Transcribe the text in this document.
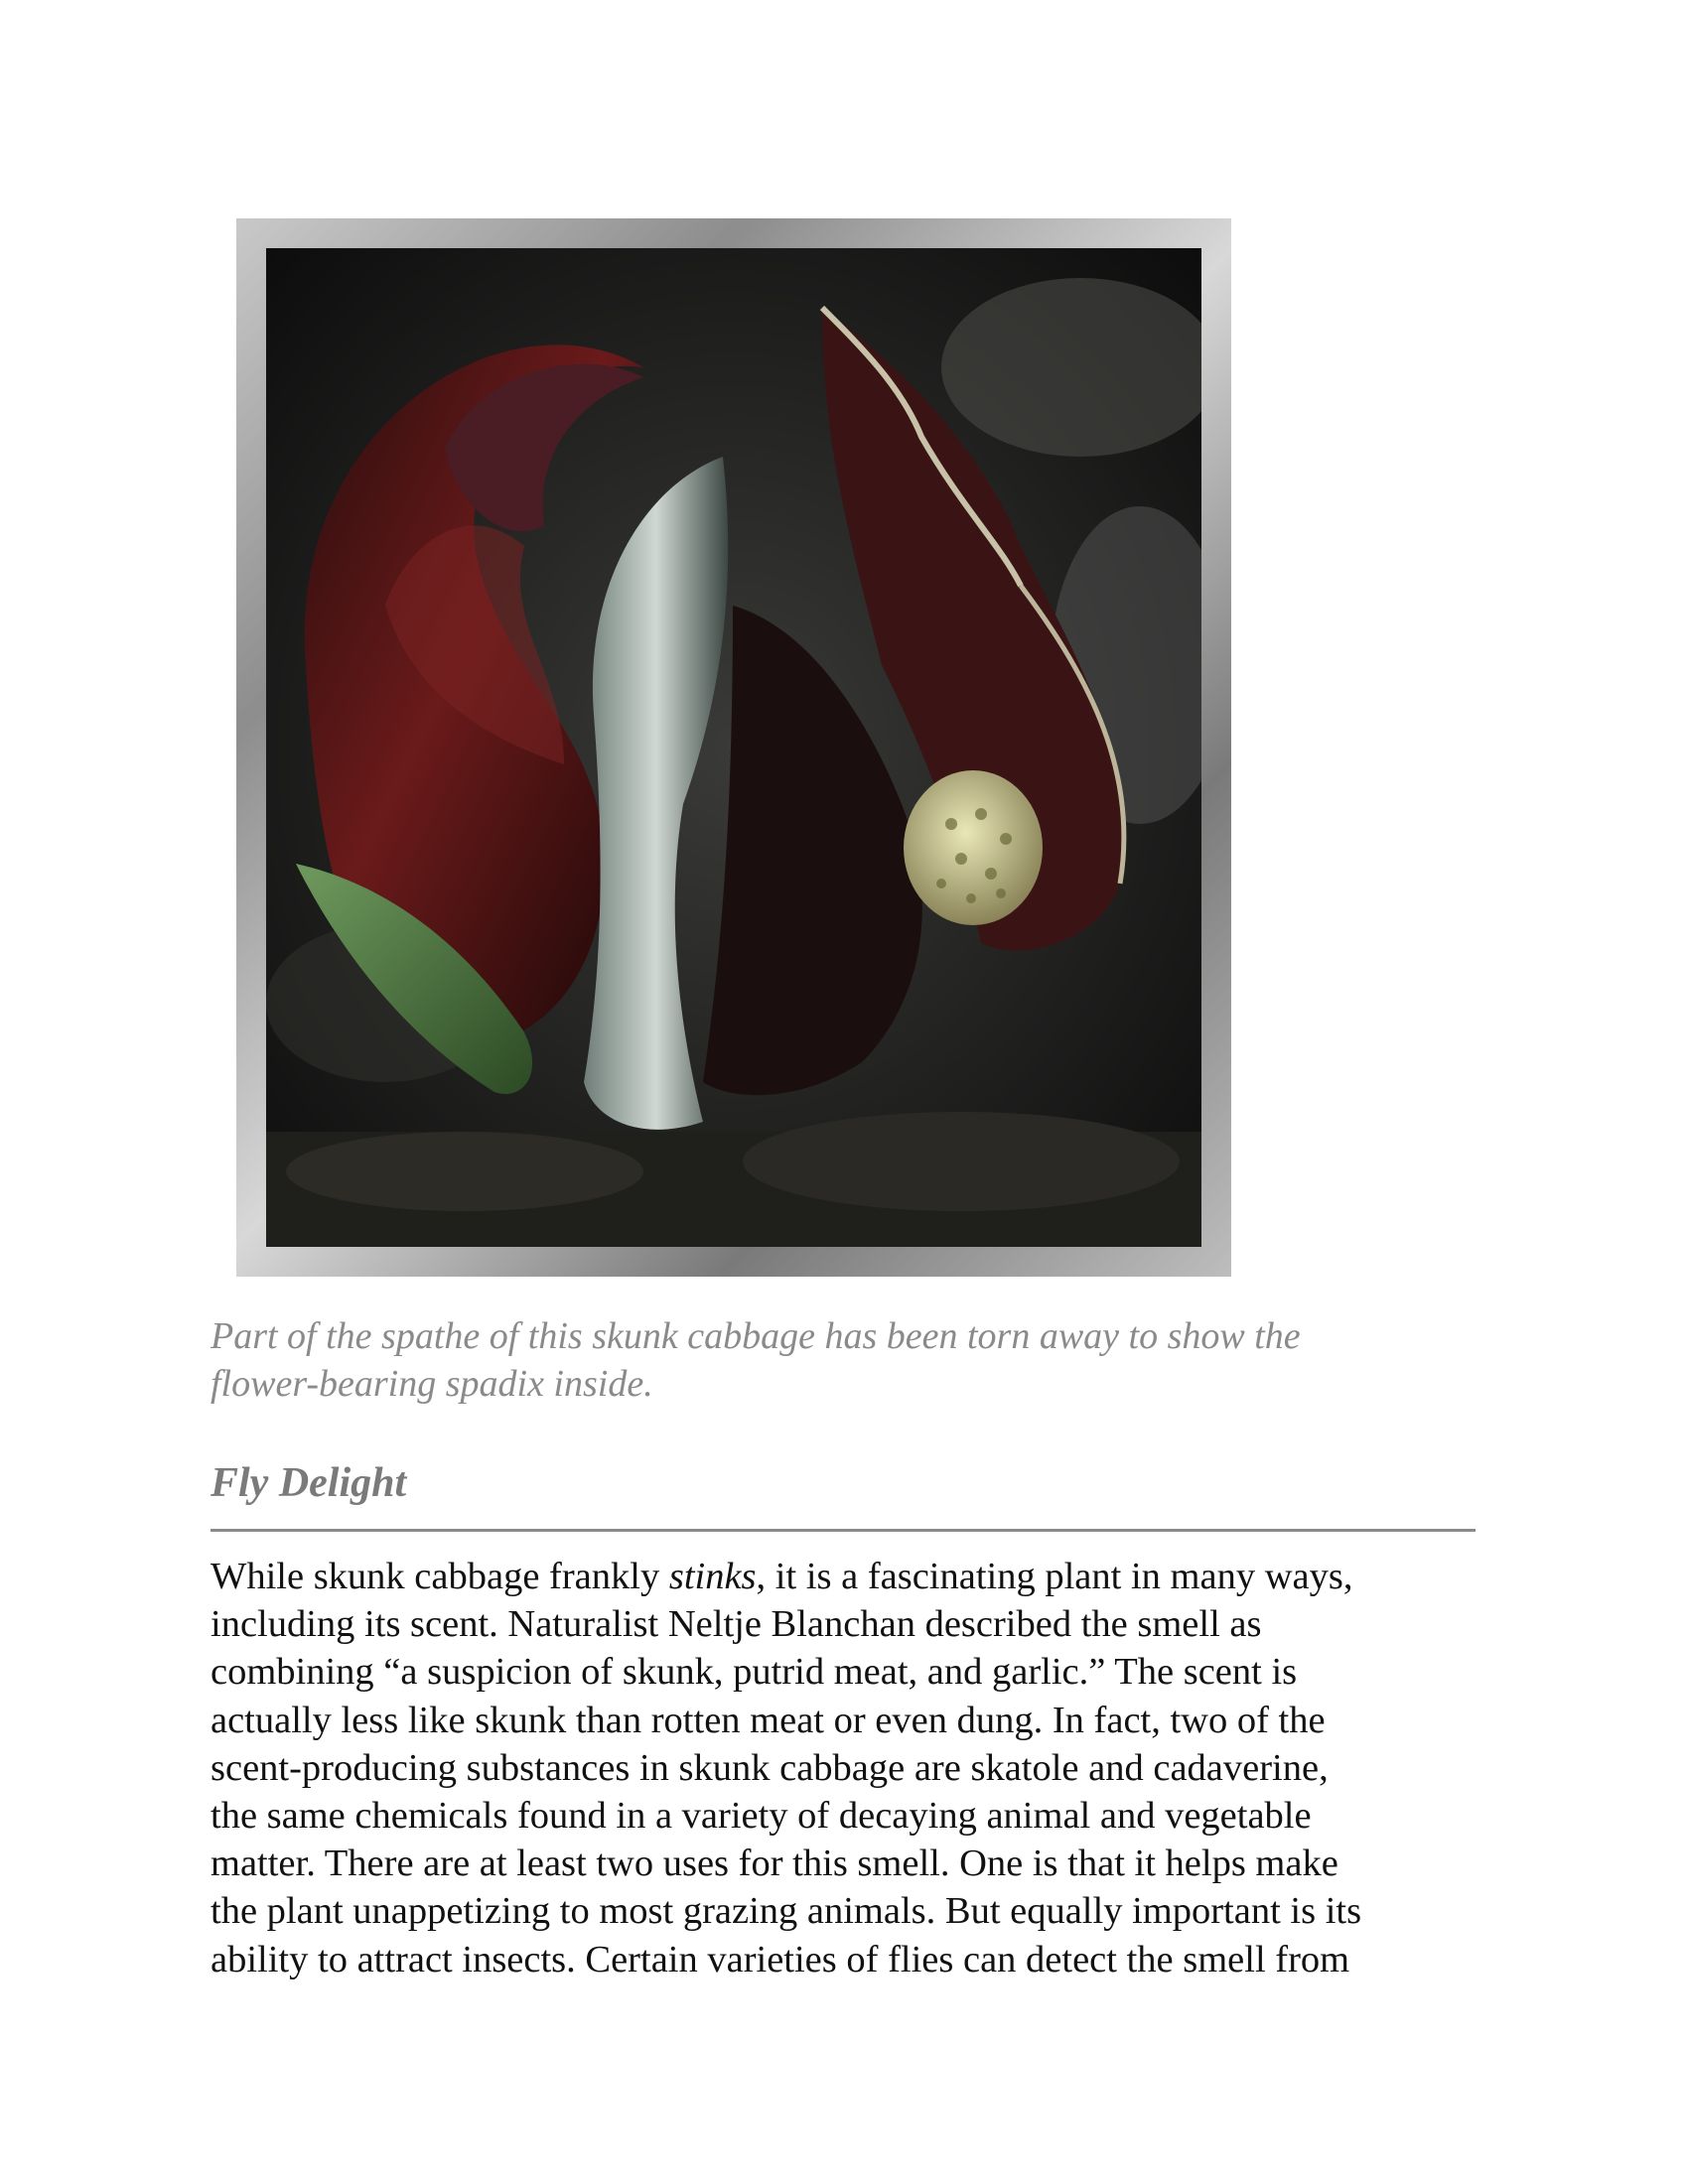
Part of the spathe of this skunk cabbage has been torn away to show the
flower-bearing spadix inside.
Fly Delight
While skunk cabbage frankly stinks, it is a fascinating plant in many ways,
including its scent. Naturalist Neltje Blanchan described the smell as
combining “a suspicion of skunk, putrid meat, and garlic.” The scent is
actually less like skunk than rotten meat or even dung. In fact, two of the
scent-producing substances in skunk cabbage are skatole and cadaverine,
the same chemicals found in a variety of decaying animal and vegetable
matter. There are at least two uses for this smell. One is that it helps make
the plant unappetizing to most grazing animals. But equally important is its
ability to attract insects. Certain varieties of flies can detect the smell from
